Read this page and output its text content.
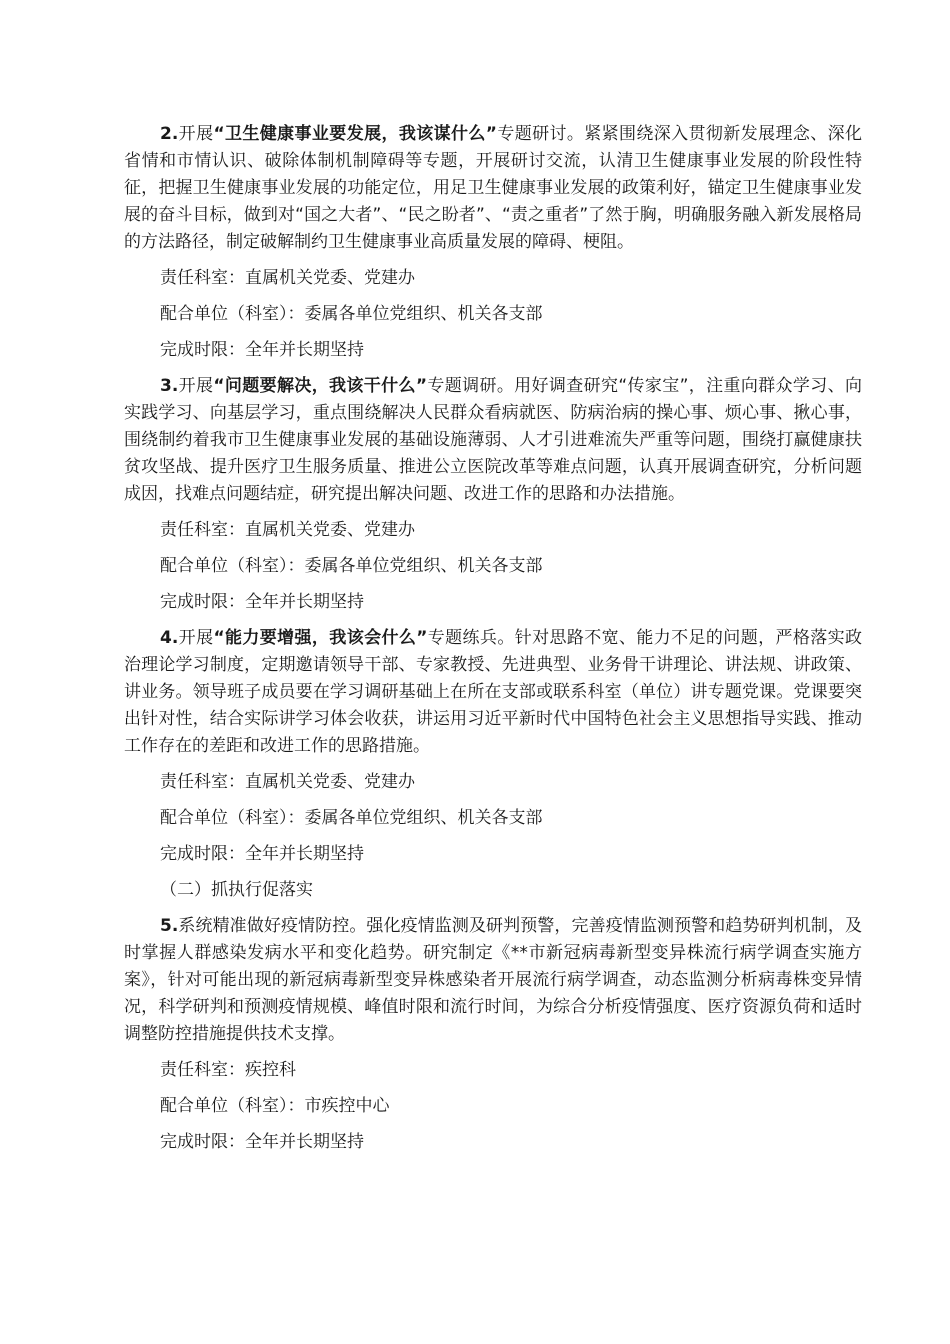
2.开展“卫生健康事业要发展，我该谋什么”专题研讨。紧紧围绕深入贯彻新发展理念、深化省情和市情认识、破除体制机制障碍等专题，开展研讨交流，认清卫生健康事业发展的阶段性特征，把握卫生健康事业发展的功能定位，用足卫生健康事业发展的政策利好，锚定卫生健康事业发展的奋斗目标，做到对“国之大者”、“民之盼者”、“责之重者”了然于胸，明确服务融入新发展格局的方法路径，制定破解制约卫生健康事业高质量发展的障碍、梗阻。

责任科室：直属机关党委、党建办

配合单位（科室）：委属各单位党组织、机关各支部

完成时限：全年并长期坚持

3.开展“问题要解决，我该干什么”专题调研。用好调查研究“传家宝”，注重向群众学习、向实践学习、向基层学习，重点围绕解决人民群众看病就医、防病治病的操心事、烦心事、揪心事，围绕制约着我市卫生健康事业发展的基础设施薄弱、人才引进难流失严重等问题，围绕打赢健康扶贫攻坚战、提升医疗卫生服务质量、推进公立医院改革等难点问题，认真开展调查研究，分析问题成因，找难点问题结症，研究提出解决问题、改进工作的思路和办法措施。

责任科室：直属机关党委、党建办

配合单位（科室）：委属各单位党组织、机关各支部

完成时限：全年并长期坚持

4.开展“能力要增强，我该会什么”专题练兵。针对思路不宽、能力不足的问题，严格落实政治理论学习制度，定期邀请领导干部、专家教授、先进典型、业务骨干讲理论、讲法规、讲政策、讲业务。领导班子成员要在学习调研基础上在所在支部或联系科室（单位）讲专题党课。党课要突出针对性，结合实际讲学习体会收获，讲运用习近平新时代中国特色社会主义思想指导实践、推动工作存在的差距和改进工作的思路措施。

责任科室：直属机关党委、党建办

配合单位（科室）：委属各单位党组织、机关各支部

完成时限：全年并长期坚持

（二）抓执行促落实

5.系统精准做好疫情防控。强化疫情监测及研判预警，完善疫情监测预警和趋势研判机制，及时掌握人群感染发病水平和变化趋势。研究制定《**市新冠病毒新型变异株流行病学调查实施方案》，针对可能出现的新冠病毒新型变异株感染者开展流行病学调查，动态监测分析病毒株变异情况，科学研判和预测疫情规模、峰值时限和流行时间，为综合分析疫情强度、医疗资源负荷和适时调整防控措施提供技术支撑。

责任科室：疾控科

配合单位（科室）：市疾控中心

完成时限：全年并长期坚持
